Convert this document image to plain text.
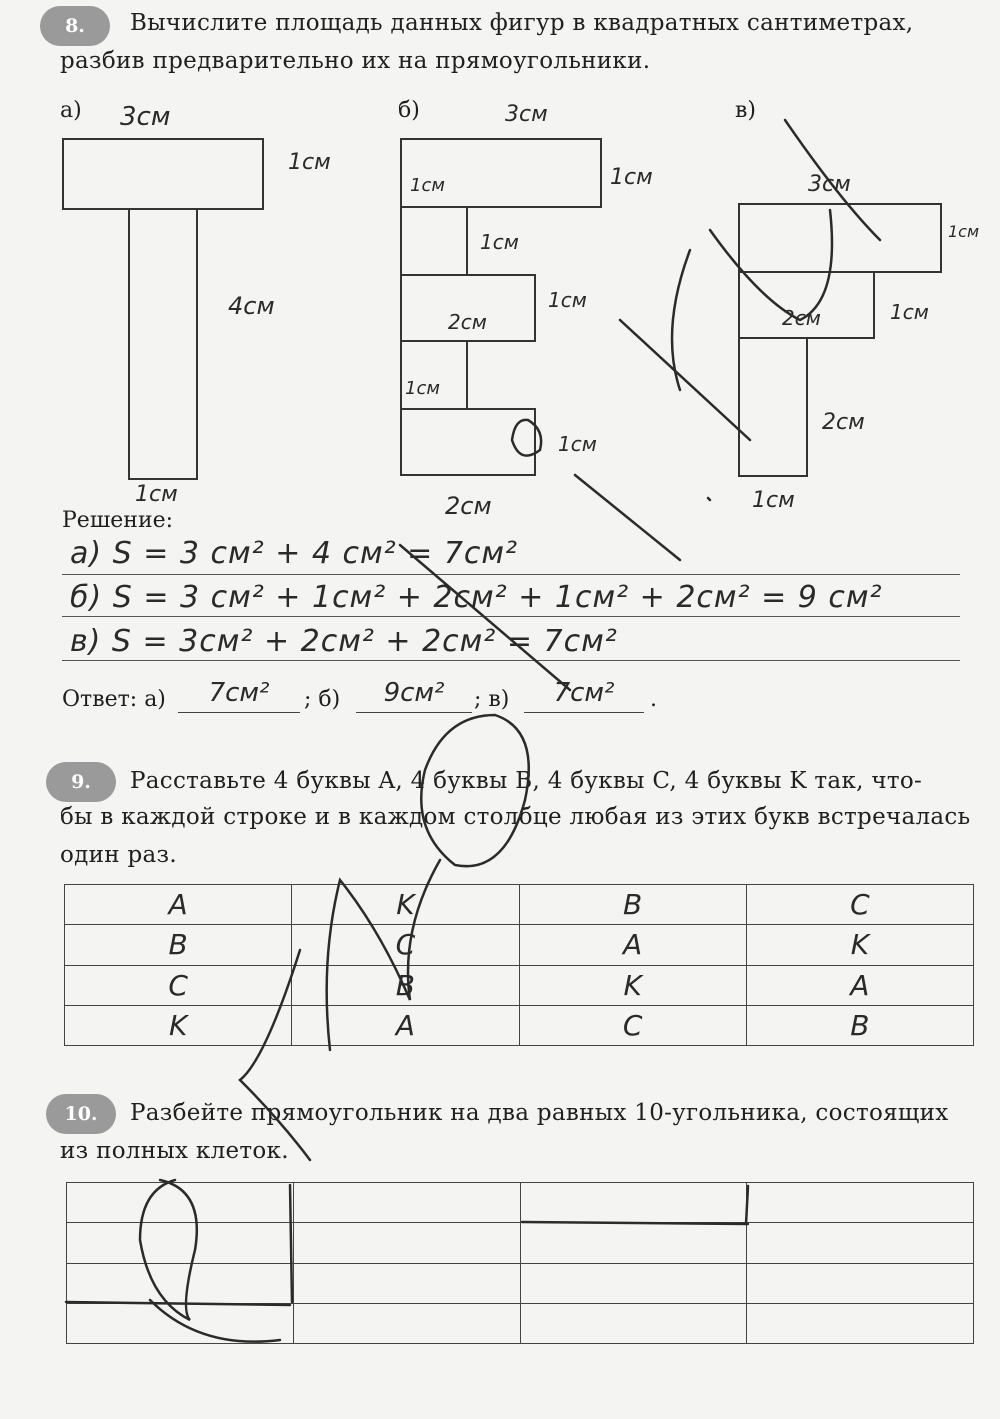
8.	Вычислите площадь данных фигур в квадратных сантиметрах,
разбив предварительно их на прямоугольники.
а)	б)	в)
3см
1см
4см
1см
3см
1см
1см
1см
1см
2см
1см
1см
2см
3см
1см
2см	1см
2см
1см
Решение:
а) S = 3 см² + 4 см² = 7см²
б) S = 3 см² + 1см² + 2см² + 1см² + 2см² = 9 см²
в) S = 3см² + 2см² + 2см² = 7см²
Ответ: а)	7см²	; б)	9см²	; в)	7см²	.
9.	Расставьте 4 буквы A, 4 буквы B, 4 буквы C, 4 буквы K так, что-
бы в каждой строке и в каждом столбце любая из этих букв встречалась
один раз.
A	K	B	C
B	C	A	K
C	B	K	A
K	A	C	B
10.	Разбейте прямоугольник на два равных 10-угольника, состоящих
из полных клеток.
